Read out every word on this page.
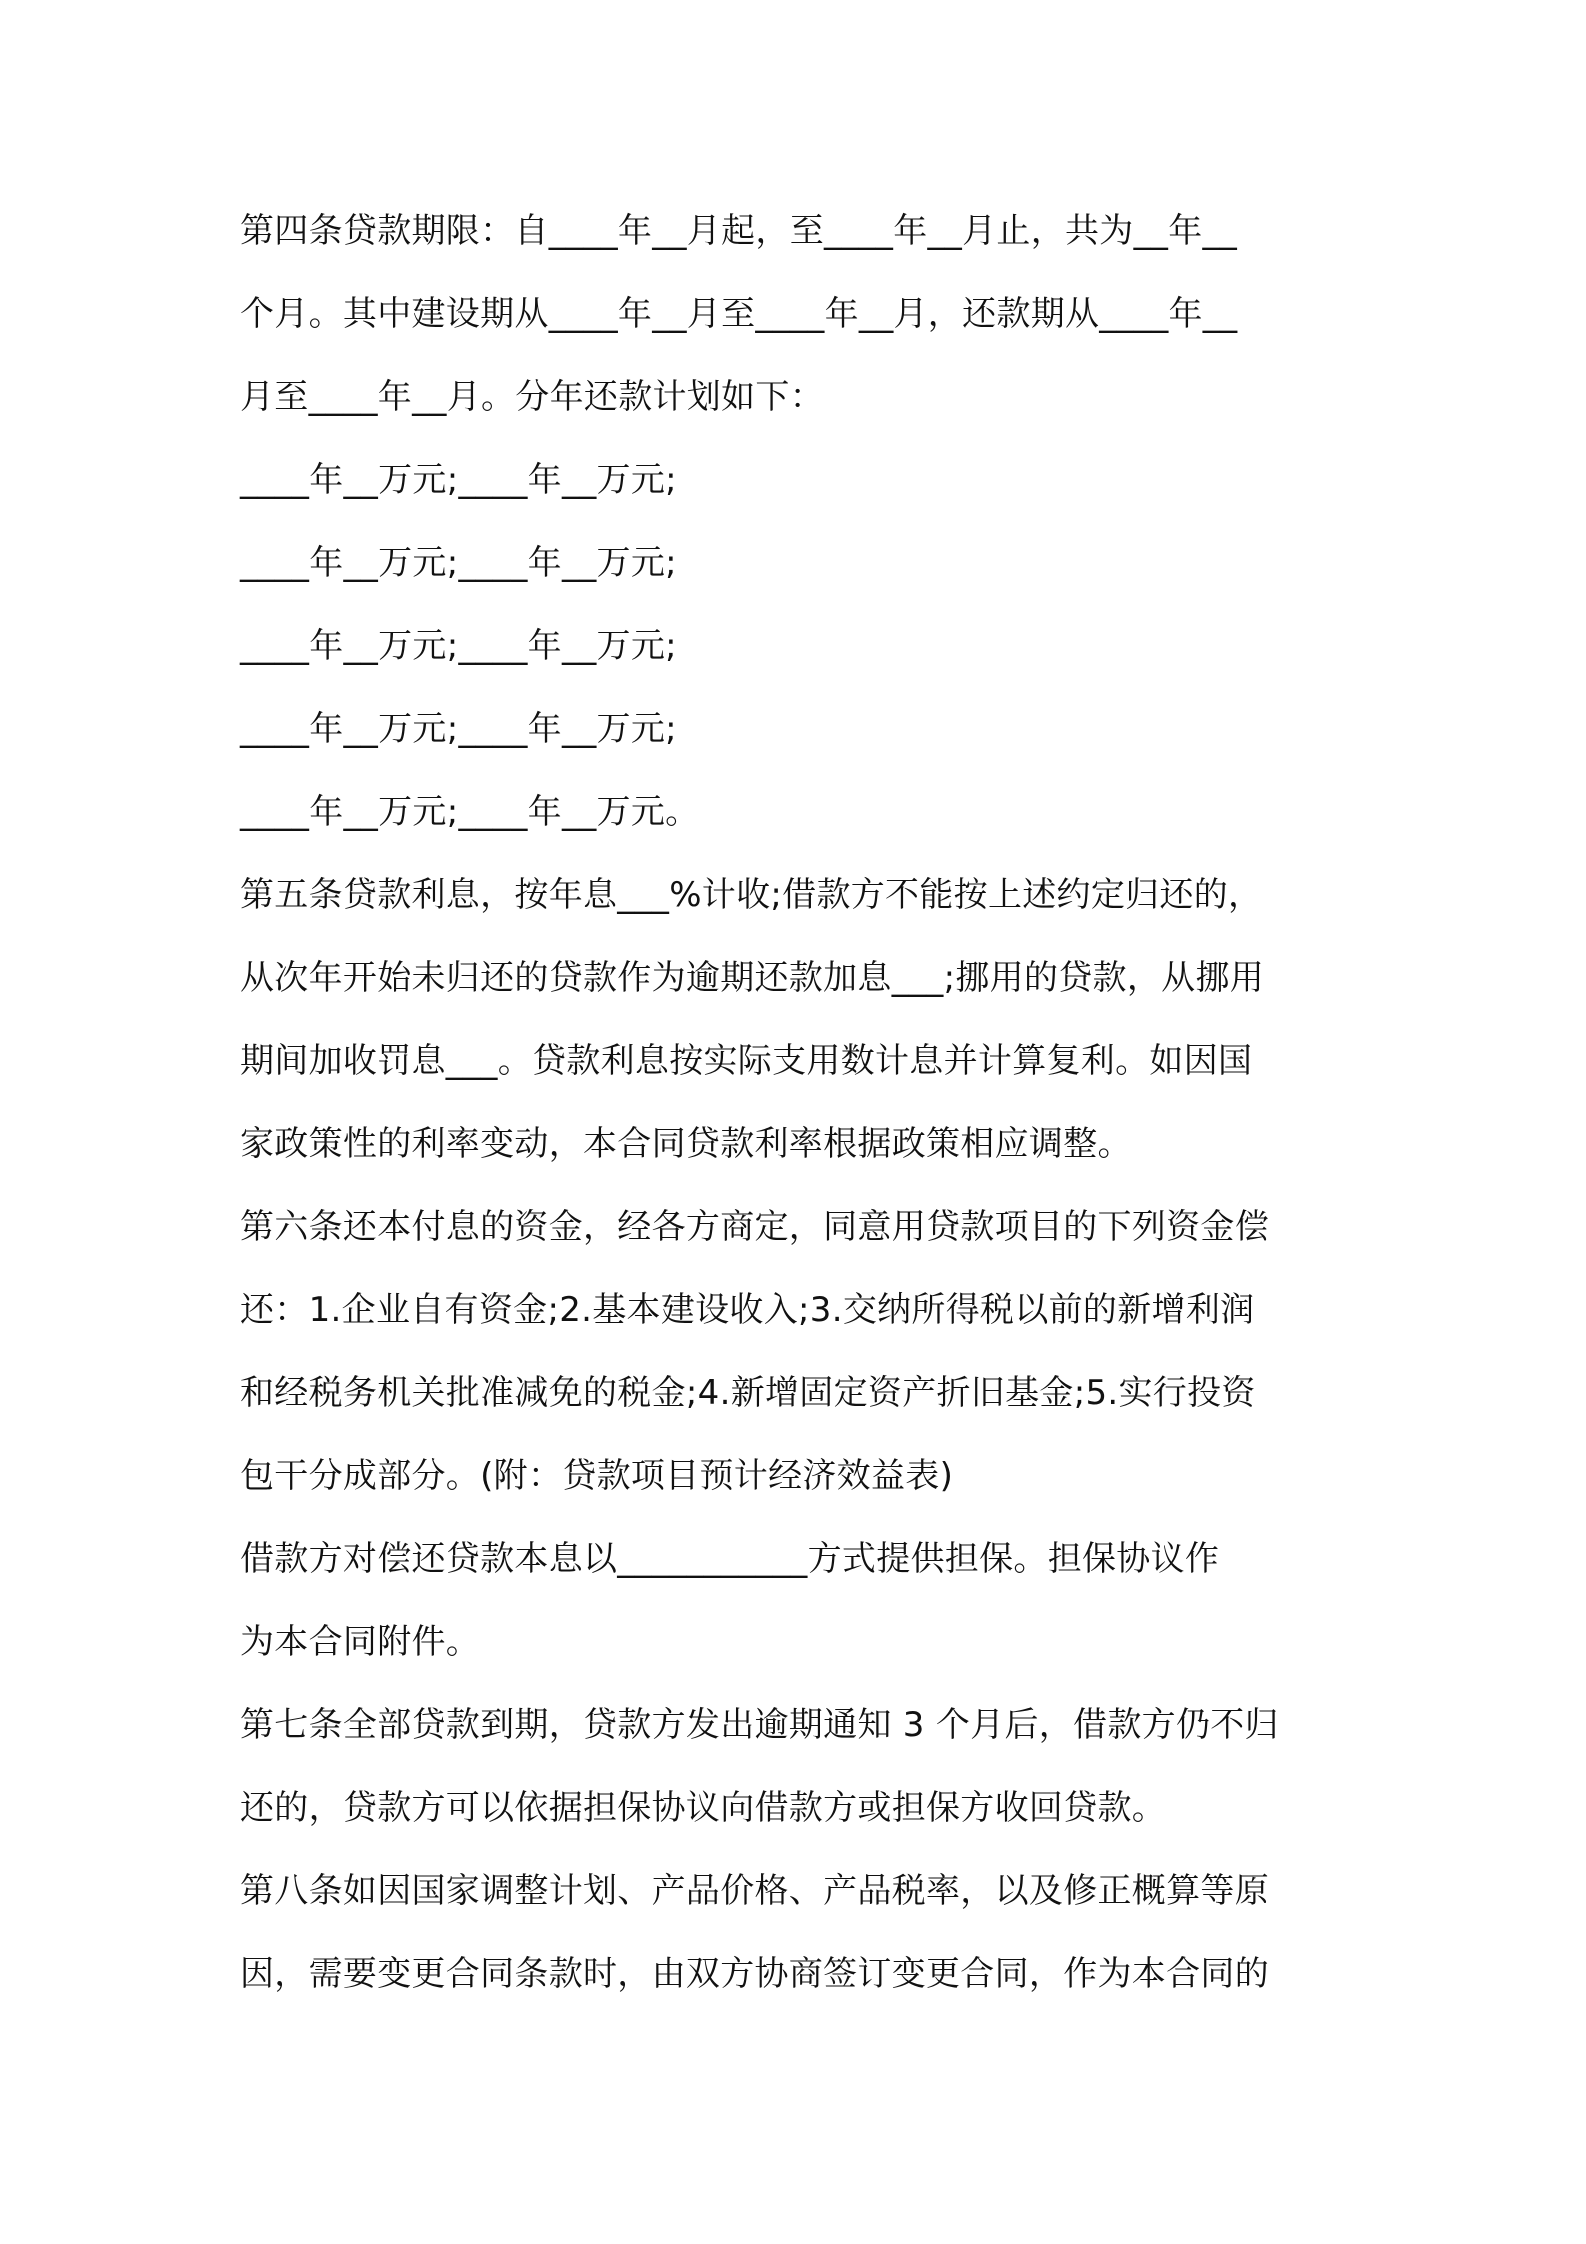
第四条贷款期限：自____年__月起，至____年__月止，共为__年__
个月。其中建设期从____年__月至____年__月，还款期从____年__
月至____年__月。分年还款计划如下：
____年__万元;____年__万元;
____年__万元;____年__万元;
____年__万元;____年__万元;
____年__万元;____年__万元;
____年__万元;____年__万元。
第五条贷款利息，按年息___%计收;借款方不能按上述约定归还的，
从次年开始未归还的贷款作为逾期还款加息___;挪用的贷款，从挪用
期间加收罚息___。贷款利息按实际支用数计息并计算复利。如因国
家政策性的利率变动，本合同贷款利率根据政策相应调整。
第六条还本付息的资金，经各方商定，同意用贷款项目的下列资金偿
还：1.企业自有资金;2.基本建设收入;3.交纳所得税以前的新增利润
和经税务机关批准减免的税金;4.新增固定资产折旧基金;5.实行投资
包干分成部分。(附：贷款项目预计经济效益表)
借款方对偿还贷款本息以___________方式提供担保。担保协议作
为本合同附件。
第七条全部贷款到期，贷款方发出逾期通知 3 个月后，借款方仍不归
还的，贷款方可以依据担保协议向借款方或担保方收回贷款。
第八条如因国家调整计划、产品价格、产品税率，以及修正概算等原
因，需要变更合同条款时，由双方协商签订变更合同，作为本合同的
